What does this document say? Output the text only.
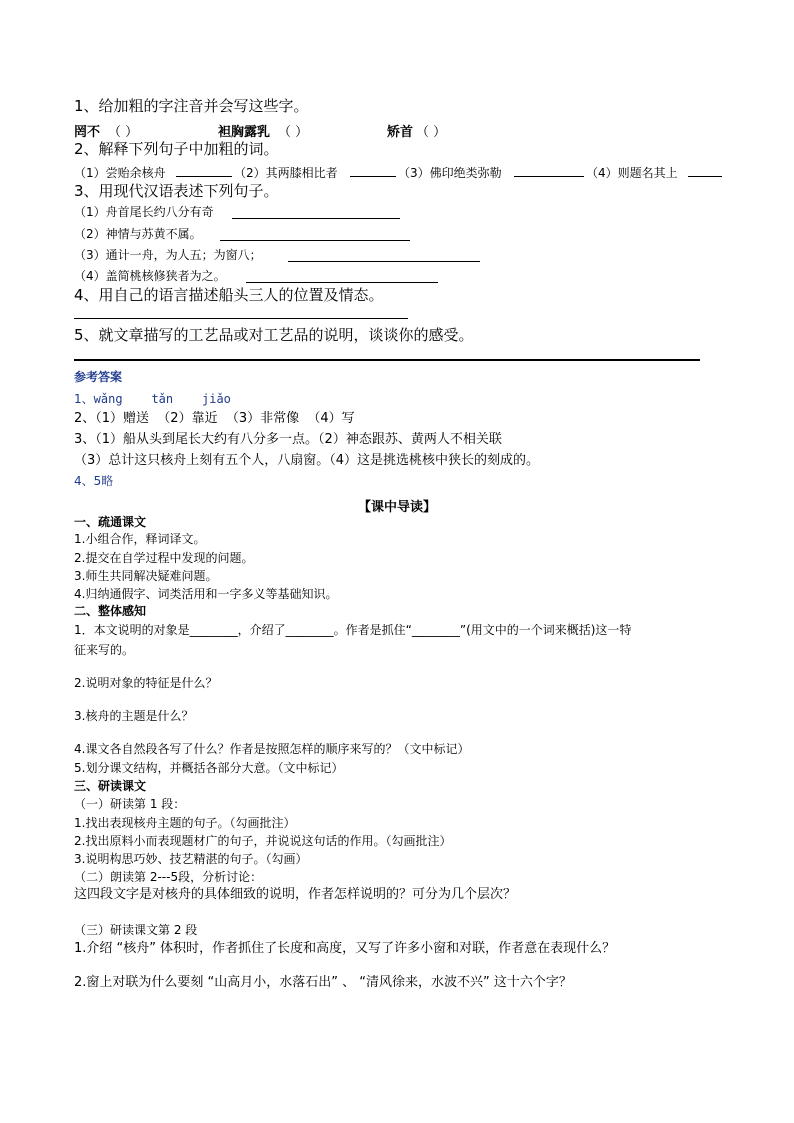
1、给加粗的字注音并会写这些字。
罔不 （ ）	袒胸露乳 （ ）	矫首 （ ）
2、解释下列句子中加粗的词。
（1）尝贻余核舟	（2）其两膝相比者	（3）佛印绝类弥勒	（4）则题名其上
3、用现代汉语表述下列句子。
（1）舟首尾长约八分有奇
（2）神情与苏黄不属。
（3）通计一舟，为人五；为窗八；
（4）盖简桃核修狭者为之。
4、用自己的语言描述船头三人的位置及情态。
5、就文章描写的工艺品或对工艺品的说明，谈谈你的感受。
参考答案
1、wǎng    tǎn    jiǎo
2、（1）赠送  （2）靠近  （3）非常像  （4）写
3、（1）船从头到尾长大约有八分多一点。（2）神态跟苏、黄两人不相关联
（3）总计这只核舟上刻有五个人，八扇窗。（4）这是挑选桃核中狭长的刻成的。
4、5略
【课中导读】
一、疏通课文
1.小组合作，释词译文。
2.提交在自学过程中发现的问题。
3.师生共同解决疑难问题。
4.归纳通假字、词类活用和一字多义等基础知识。
二、整体感知
1．本文说明的对象是________，介绍了________。作者是抓住“________”(用文中的一个词来概括)这一特
征来写的。
2.说明对象的特征是什么？
3.核舟的主题是什么？
4.课文各自然段各写了什么？作者是按照怎样的顺序来写的？（文中标记）
5.划分课文结构，并概括各部分大意。（文中标记）
三、研读课文
（一）研读第 1 段：
1.找出表现核舟主题的句子。（勾画批注）
2.找出原料小而表现题材广的句子，并说说这句话的作用。（勾画批注）
3.说明构思巧妙、技艺精湛的句子。（勾画）
（二）朗读第 2---5段，分析讨论：
这四段文字是对核舟的具体细致的说明，作者怎样说明的？可分为几个层次？
（三）研读课文第 2 段
1.介绍 “核舟” 体积时，作者抓住了长度和高度，又写了许多小窗和对联，作者意在表现什么？
2.窗上对联为什么要刻 “山高月小，水落石出” 、 “清风徐来，水波不兴” 这十六个字？
